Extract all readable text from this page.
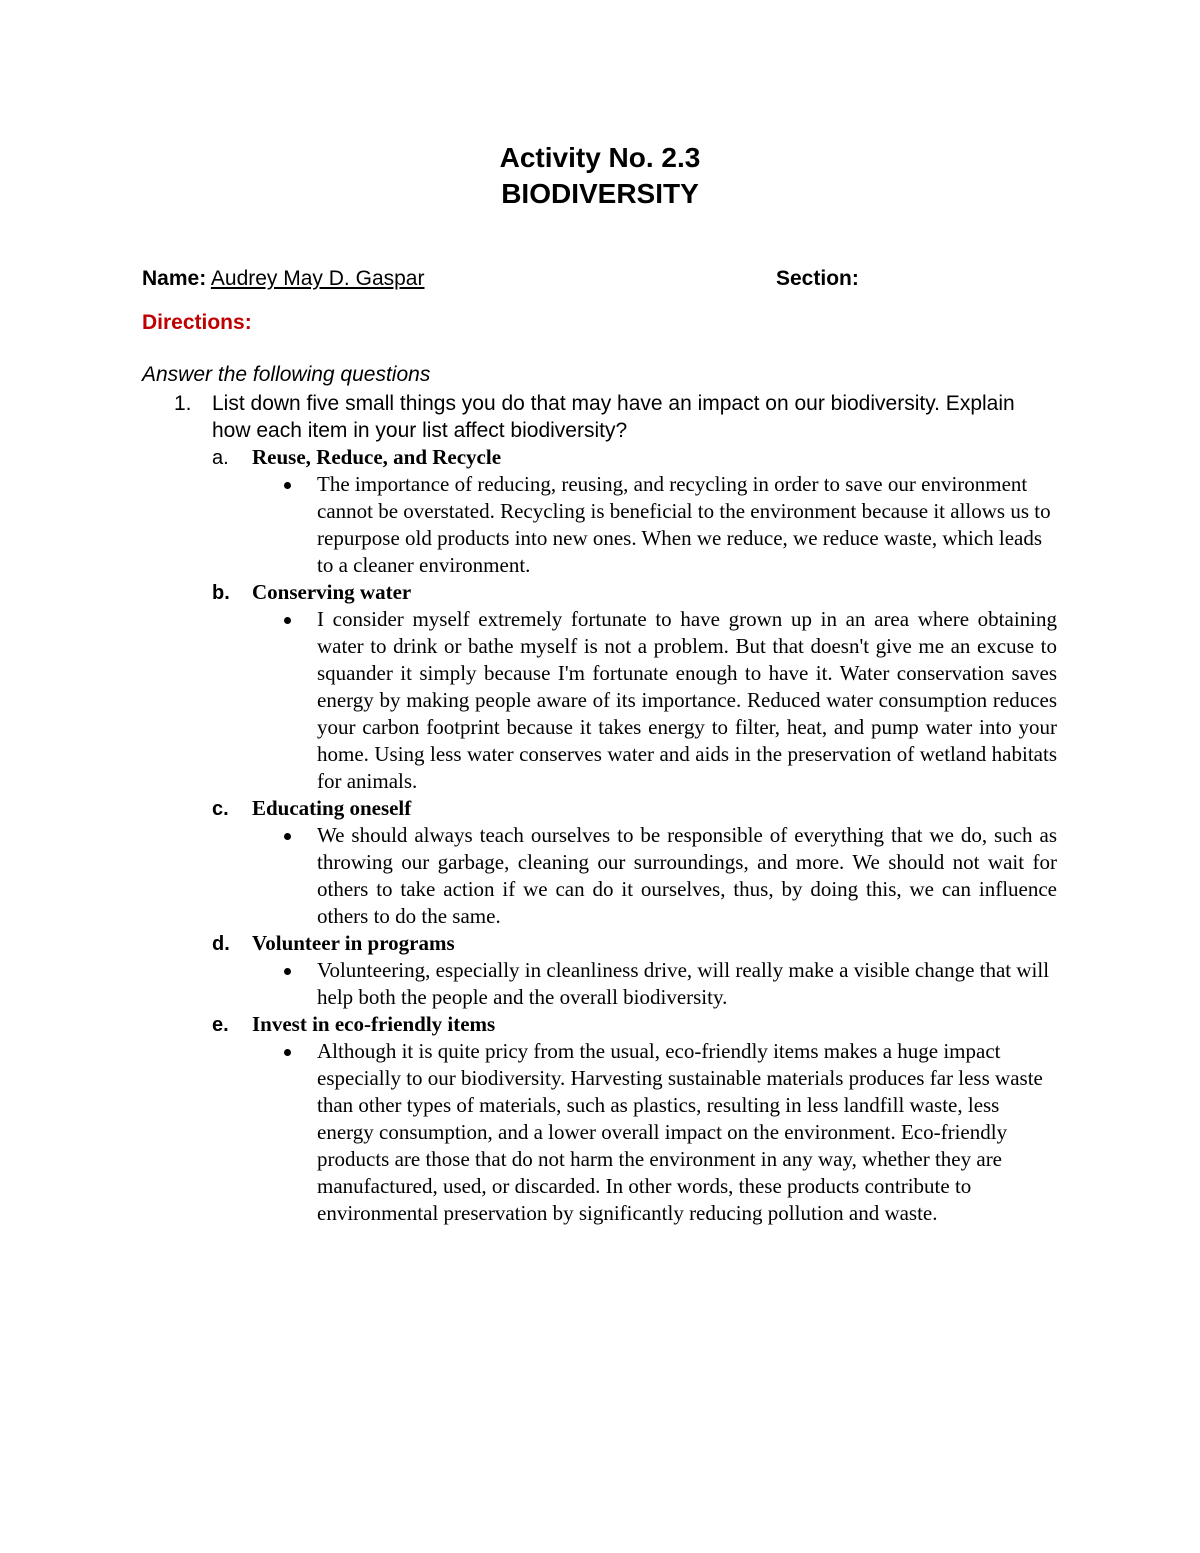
Activity No. 2.3
BIODIVERSITY
Name: Audrey May D. Gaspar	Section:
Directions:
Answer the following questions
1. List down five small things you do that may have an impact on our biodiversity. Explain how each item in your list affect biodiversity?
a. Reuse, Reduce, and Recycle
The importance of reducing, reusing, and recycling in order to save our environment cannot be overstated. Recycling is beneficial to the environment because it allows us to repurpose old products into new ones. When we reduce, we reduce waste, which leads to a cleaner environment.
b. Conserving water
I consider myself extremely fortunate to have grown up in an area where obtaining water to drink or bathe myself is not a problem. But that doesn't give me an excuse to squander it simply because I'm fortunate enough to have it. Water conservation saves energy by making people aware of its importance. Reduced water consumption reduces your carbon footprint because it takes energy to filter, heat, and pump water into your home. Using less water conserves water and aids in the preservation of wetland habitats for animals.
c. Educating oneself
We should always teach ourselves to be responsible of everything that we do, such as throwing our garbage, cleaning our surroundings, and more. We should not wait for others to take action if we can do it ourselves, thus, by doing this, we can influence others to do the same.
d. Volunteer in programs
Volunteering, especially in cleanliness drive, will really make a visible change that will help both the people and the overall biodiversity.
e. Invest in eco-friendly items
Although it is quite pricy from the usual, eco-friendly items makes a huge impact especially to our biodiversity. Harvesting sustainable materials produces far less waste than other types of materials, such as plastics, resulting in less landfill waste, less energy consumption, and a lower overall impact on the environment. Eco-friendly products are those that do not harm the environment in any way, whether they are manufactured, used, or discarded. In other words, these products contribute to environmental preservation by significantly reducing pollution and waste.
